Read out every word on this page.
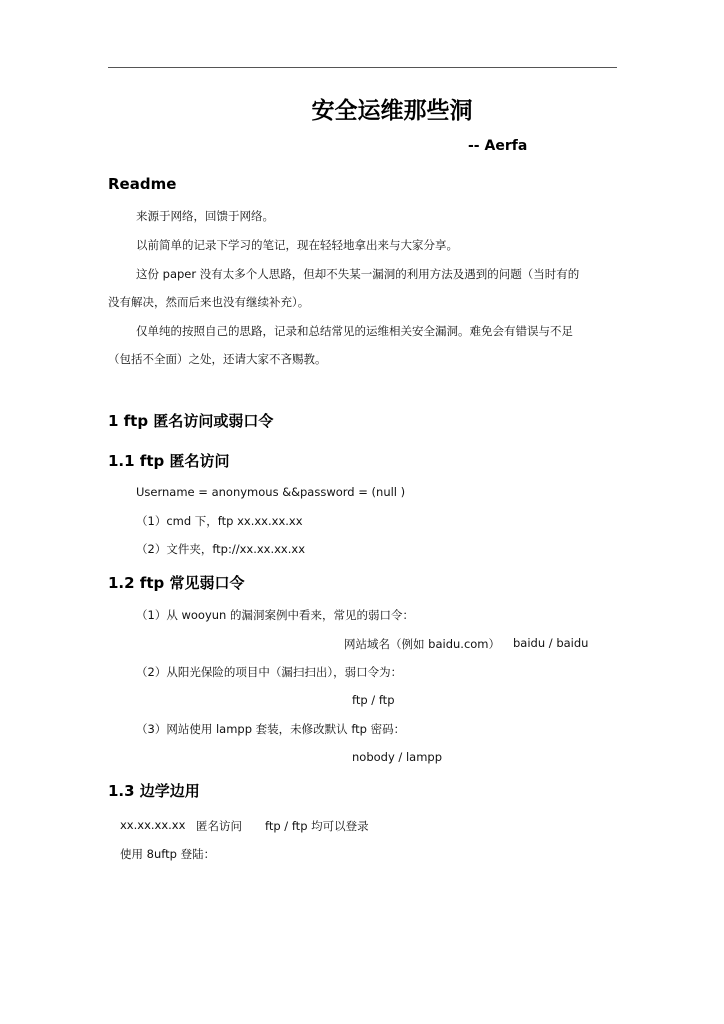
安全运维那些洞
-- Aerfa
Readme
来源于网络，回馈于网络。
以前简单的记录下学习的笔记，现在轻轻地拿出来与大家分享。
这份 paper 没有太多个人思路，但却不失某一漏洞的利用方法及遇到的问题（当时有的
没有解决，然而后来也没有继续补充）。
仅单纯的按照自己的思路，记录和总结常见的运维相关安全漏洞。难免会有错误与不足
（包括不全面）之处，还请大家不吝赐教。
1 ftp 匿名访问或弱口令
1.1 ftp 匿名访问
Username = anonymous && password = (null )
（1）cmd 下，ftp xx.xx.xx.xx
（2）文件夹，ftp://xx.xx.xx.xx
1.2 ftp 常见弱口令
（1）从 wooyun 的漏洞案例中看来，常见的弱口令：
网站域名（例如 baidu.com） baidu / baidu
（2）从阳光保险的项目中（漏扫扫出），弱口令为：
ftp / ftp
（3）网站使用 lampp 套装，未修改默认 ftp 密码：
nobody / lampp
1.3 边学边用
xx.xx.xx.xx 匿名访问 ftp / ftp 均可以登录
使用 8uftp 登陆：
